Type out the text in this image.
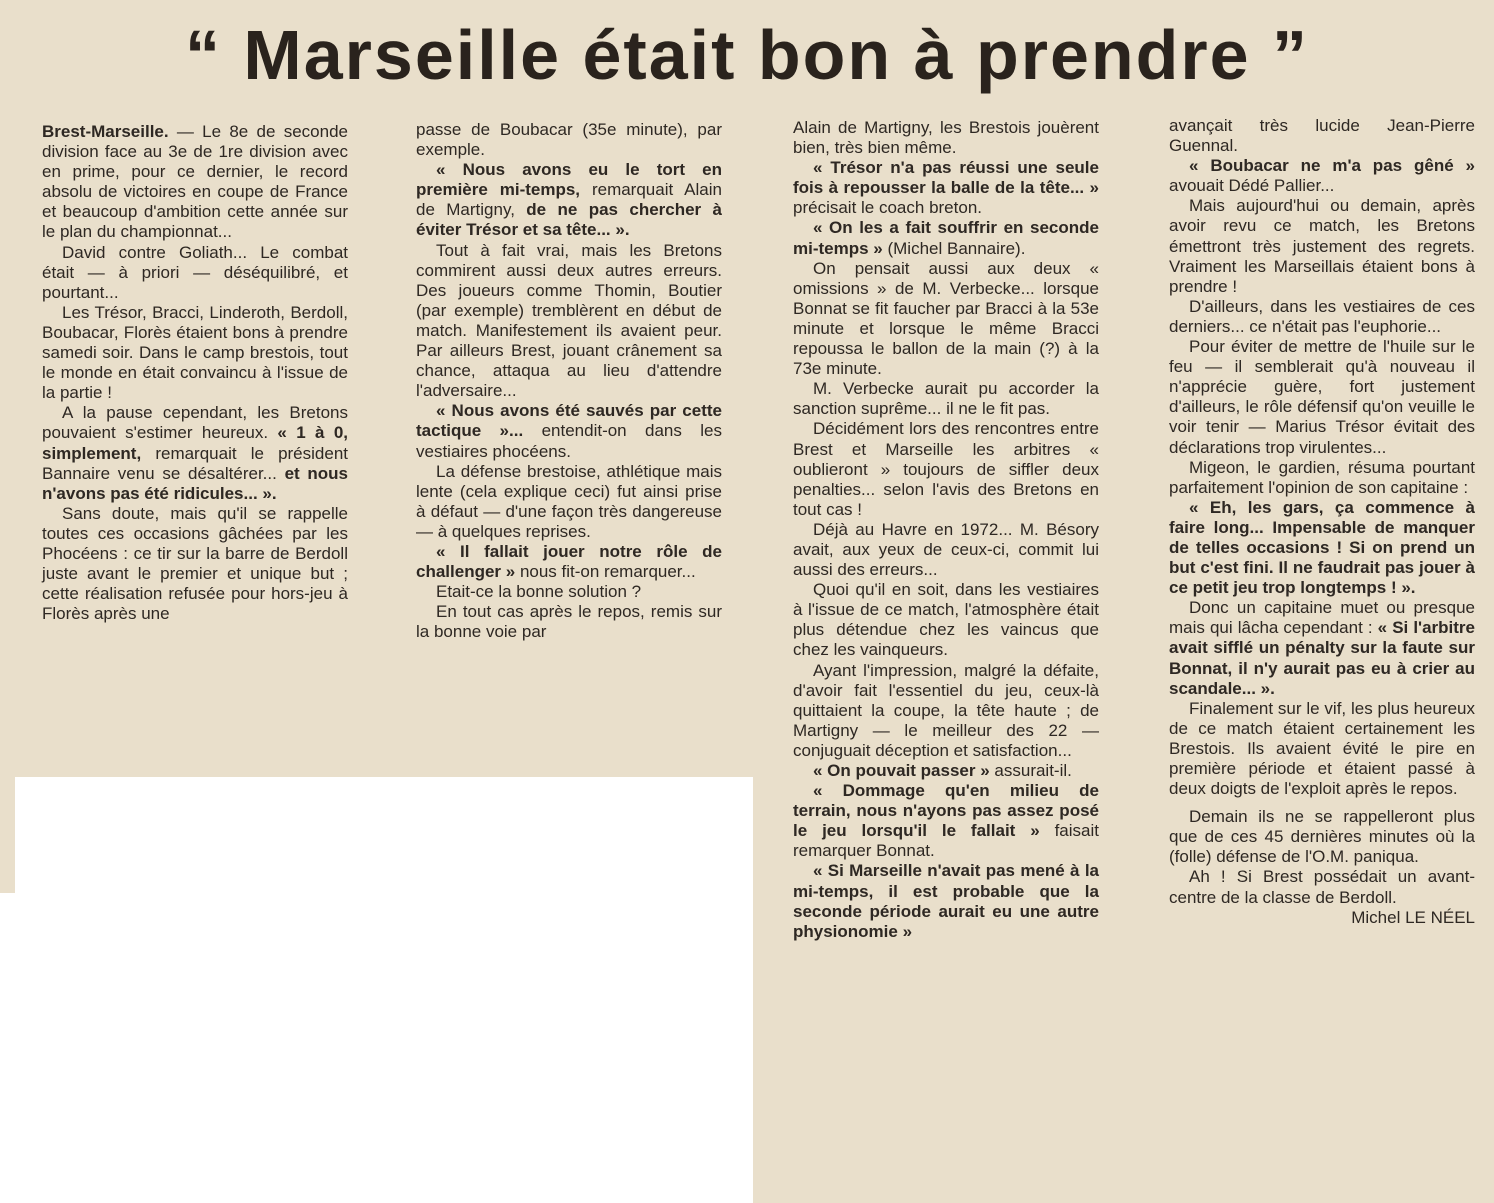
“ Marseille était bon à prendre ”

Brest-Marseille. — Le 8e de seconde division face au 3e de 1re division avec en prime, pour ce dernier, le record absolu de victoires en coupe de France et beaucoup d'ambition cette année sur le plan du championnat...

David contre Goliath... Le combat était — à priori — déséquilibré, et pourtant...

Les Trésor, Bracci, Linderoth, Berdoll, Boubacar, Florès étaient bons à prendre samedi soir. Dans le camp brestois, tout le monde en était convaincu à l'issue de la partie !

A la pause cependant, les Bretons pouvaient s'estimer heureux. « 1 à 0, simplement, remarquait le président Bannaire venu se désaltérer... et nous n'avons pas été ridicules... ».

Sans doute, mais qu'il se rappelle toutes ces occasions gâchées par les Phocéens : ce tir sur la barre de Berdoll juste avant le premier et unique but ; cette réalisation refusée pour hors-jeu à Florès après une

passe de Boubacar (35e minute), par exemple.

« Nous avons eu le tort en première mi-temps, remarquait Alain de Martigny, de ne pas chercher à éviter Trésor et sa tête... ».

Tout à fait vrai, mais les Bretons commirent aussi deux autres erreurs. Des joueurs comme Thomin, Boutier (par exemple) tremblèrent en début de match. Manifestement ils avaient peur. Par ailleurs Brest, jouant crânement sa chance, attaqua au lieu d'attendre l'adversaire...

« Nous avons été sauvés par cette tactique »... entendit-on dans les vestiaires phocéens.

La défense brestoise, athlétique mais lente (cela explique ceci) fut ainsi prise à défaut — d'une façon très dangereuse — à quelques reprises.

« Il fallait jouer notre rôle de challenger » nous fit-on remarquer...

Etait-ce la bonne solution ?

En tout cas après le repos, remis sur la bonne voie par

Alain de Martigny, les Brestois jouèrent bien, très bien même.

« Trésor n'a pas réussi une seule fois à repousser la balle de la tête... » précisait le coach breton.

« On les a fait souffrir en seconde mi-temps » (Michel Bannaire).

On pensait aussi aux deux « omissions » de M. Verbecke... lorsque Bonnat se fit faucher par Bracci à la 53e minute et lorsque le même Bracci repoussa le ballon de la main (?) à la 73e minute.

M. Verbecke aurait pu accorder la sanction suprême... il ne le fit pas.

Décidément lors des rencontres entre Brest et Marseille les arbitres « oublieront » toujours de siffler deux penalties... selon l'avis des Bretons en tout cas !

Déjà au Havre en 1972... M. Bésory avait, aux yeux de ceux-ci, commit lui aussi des erreurs...

Quoi qu'il en soit, dans les vestiaires à l'issue de ce match, l'atmosphère était plus détendue chez les vaincus que chez les vainqueurs.

Ayant l'impression, malgré la défaite, d'avoir fait l'essentiel du jeu, ceux-là quittaient la coupe, la tête haute ; de Martigny — le meilleur des 22 — conjuguait déception et satisfaction...

« On pouvait passer » assurait-il.

« Dommage qu'en milieu de terrain, nous n'ayons pas assez posé le jeu lorsqu'il le fallait » faisait remarquer Bonnat.

« Si Marseille n'avait pas mené à la mi-temps, il est probable que la seconde période aurait eu une autre physionomie »

avançait très lucide Jean-Pierre Guennal.

« Boubacar ne m'a pas gêné » avouait Dédé Pallier...

Mais aujourd'hui ou demain, après avoir revu ce match, les Bretons émettront très justement des regrets. Vraiment les Marseillais étaient bons à prendre !

D'ailleurs, dans les vestiaires de ces derniers... ce n'était pas l'euphorie...

Pour éviter de mettre de l'huile sur le feu — il semblerait qu'à nouveau il n'apprécie guère, fort justement d'ailleurs, le rôle défensif qu'on veuille le voir tenir — Marius Trésor évitait des déclarations trop virulentes...

Migeon, le gardien, résuma pourtant parfaitement l'opinion de son capitaine :

« Eh, les gars, ça commence à faire long... Impensable de manquer de telles occasions ! Si on prend un but c'est fini. Il ne faudrait pas jouer à ce petit jeu trop longtemps ! ».

Donc un capitaine muet ou presque mais qui lâcha cependant : « Si l'arbitre avait sifflé un pénalty sur la faute sur Bonnat, il n'y aurait pas eu à crier au scandale... ».

Finalement sur le vif, les plus heureux de ce match étaient certainement les Brestois. Ils avaient évité le pire en première période et étaient passé à deux doigts de l'exploit après le repos.

Demain ils ne se rappelleront plus que de ces 45 dernières minutes où la (folle) défense de l'O.M. paniqua.

Ah ! Si Brest possédait un avant-centre de la classe de Berdoll.

Michel LE NÉEL
